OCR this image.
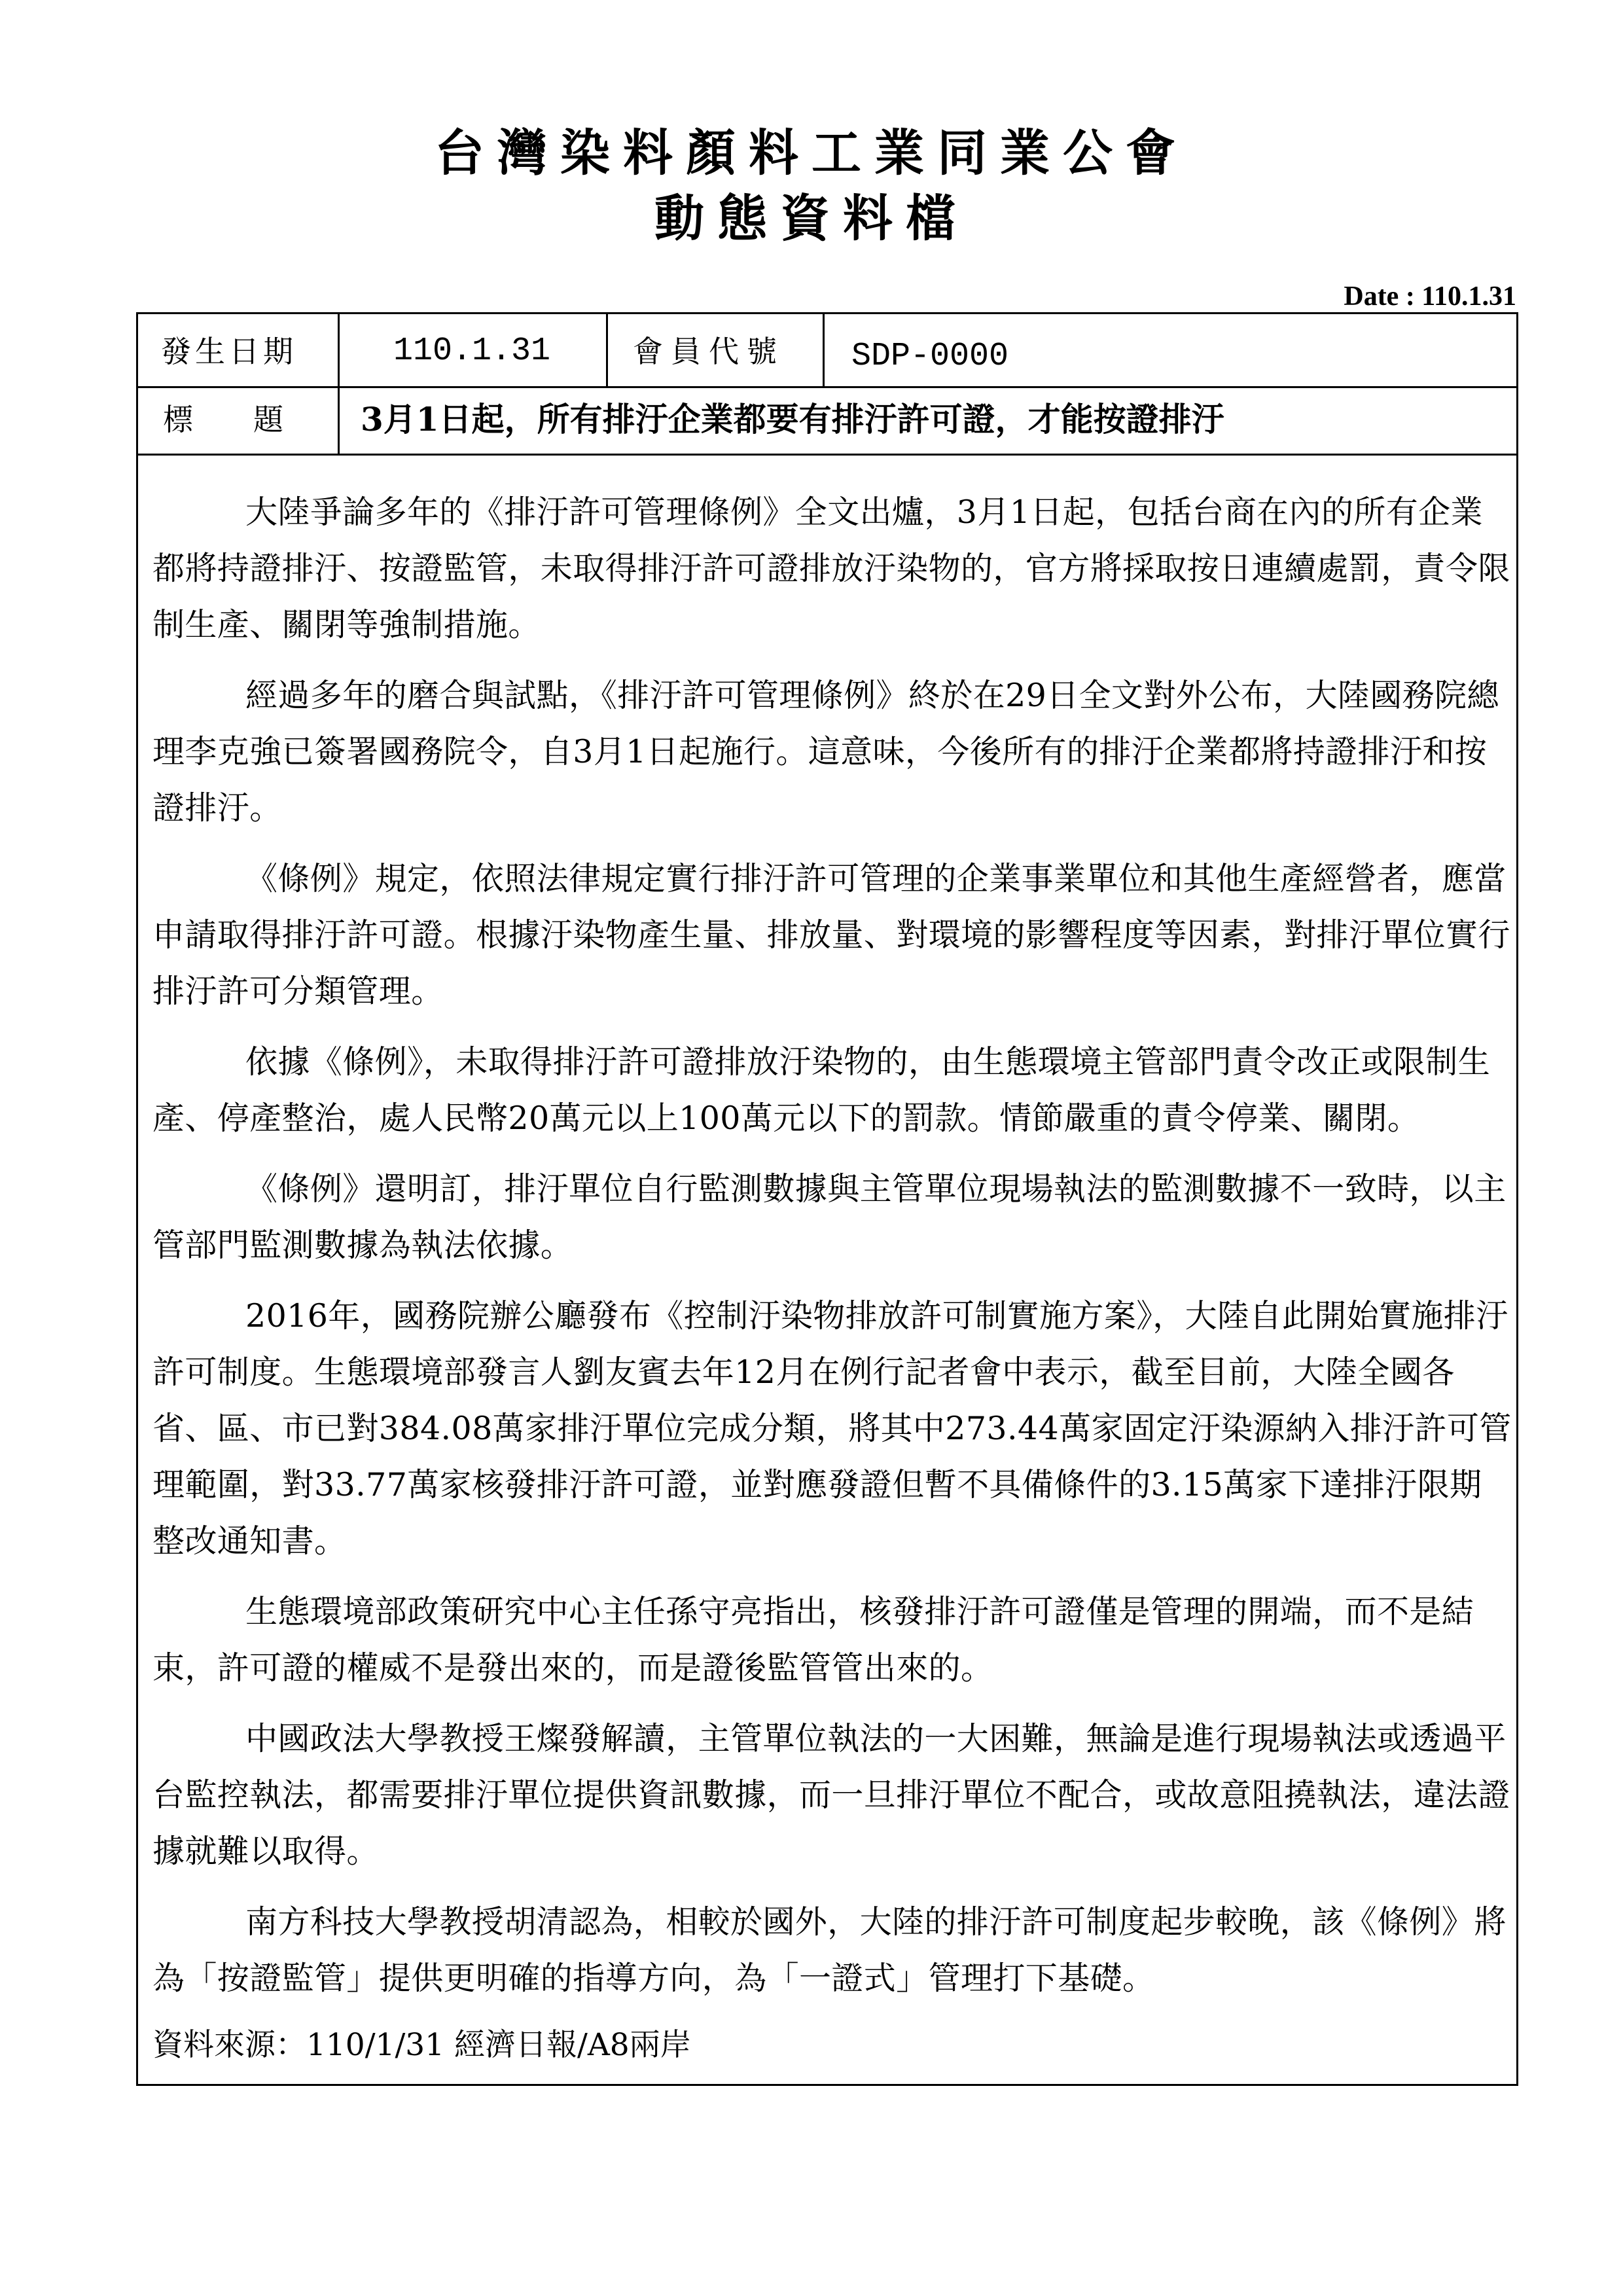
台灣染料顏料工業同業公會
動態資料檔
Date : 110.1.31
發生日期	110.1.31	會員代號 SDP-0000
標　　題 3月1日起，所有排汙企業都要有排汙許可證，才能按證排汙

大陸爭論多年的《排汙許可管理條例》全文出爐，3月1日起，包括台商在內的所有企業都將持證排汙、按證監管，未取得排汙許可證排放汙染物的，官方將採取按日連續處罰，責令限制生產、關閉等強制措施。

經過多年的磨合與試點，《排汙許可管理條例》終於在29日全文對外公布，大陸國務院總理李克強已簽署國務院令，自3月1日起施行。這意味，今後所有的排汙企業都將持證排汙和按證排汙。

《條例》規定，依照法律規定實行排汙許可管理的企業事業單位和其他生產經營者，應當申請取得排汙許可證。根據汙染物產生量、排放量、對環境的影響程度等因素，對排汙單位實行排汙許可分類管理。

依據《條例》，未取得排汙許可證排放汙染物的，由生態環境主管部門責令改正或限制生產、停產整治，處人民幣20萬元以上100萬元以下的罰款。情節嚴重的責令停業、關閉。

《條例》還明訂，排汙單位自行監測數據與主管單位現場執法的監測數據不一致時，以主管部門監測數據為執法依據。

2016年，國務院辦公廳發布《控制汙染物排放許可制實施方案》，大陸自此開始實施排汙許可制度。生態環境部發言人劉友賓去年12月在例行記者會中表示，截至目前，大陸全國各省、區、市已對384.08萬家排汙單位完成分類，將其中273.44萬家固定汙染源納入排汙許可管理範圍，對33.77萬家核發排汙許可證，並對應發證但暫不具備條件的3.15萬家下達排汙限期整改通知書。

生態環境部政策研究中心主任孫守亮指出，核發排汙許可證僅是管理的開端，而不是結束，許可證的權威不是發出來的，而是證後監管管出來的。

中國政法大學教授王燦發解讀，主管單位執法的一大困難，無論是進行現場執法或透過平台監控執法，都需要排汙單位提供資訊數據，而一旦排汙單位不配合，或故意阻撓執法，違法證據就難以取得。

南方科技大學教授胡清認為，相較於國外，大陸的排汙許可制度起步較晚，該《條例》將為「按證監管」提供更明確的指導方向，為「一證式」管理打下基礎。

資料來源：110/1/31 經濟日報/A8兩岸
